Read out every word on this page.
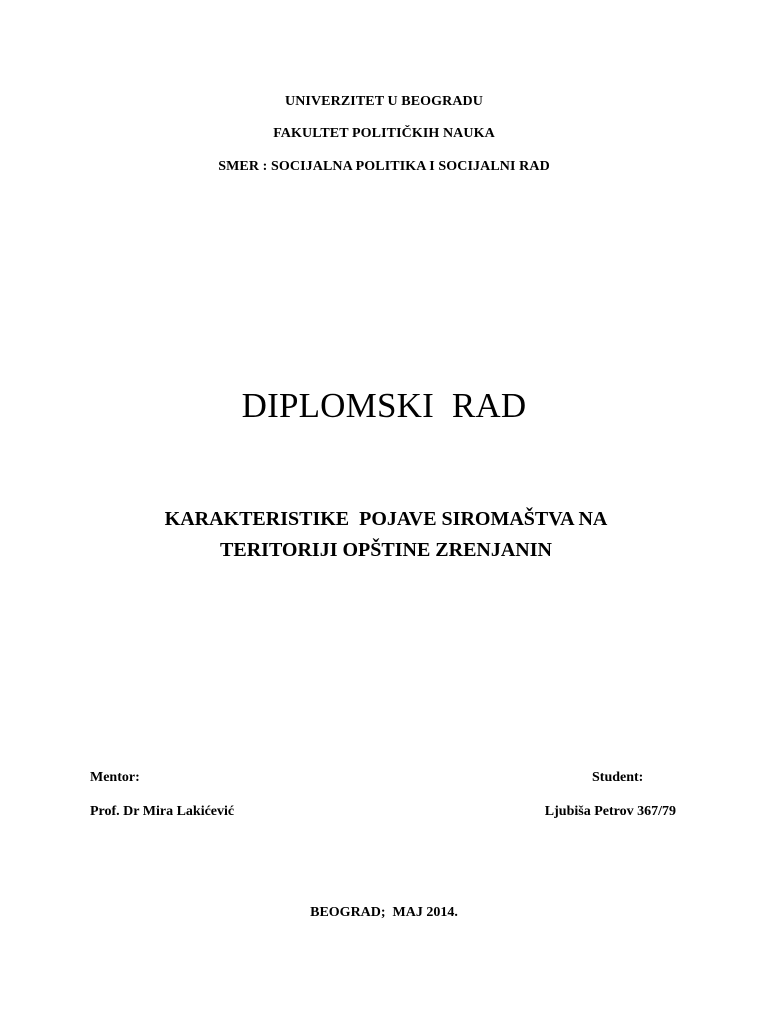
UNIVERZITET U BEOGRADU
FAKULTET POLITIČKIH NAUKA
SMER : SOCIJALNA POLITIKA I SOCIJALNI RAD
DIPLOMSKI  RAD
KARAKTERISTIKE  POJAVE SIROMAŠTVA NA
TERITORIJI OPŠTINE ZRENJANIN
Mentor:
Prof. Dr Mira Lakićević
Student:
Ljubiša Petrov 367/79
BEOGRAD;  MAJ 2014.
